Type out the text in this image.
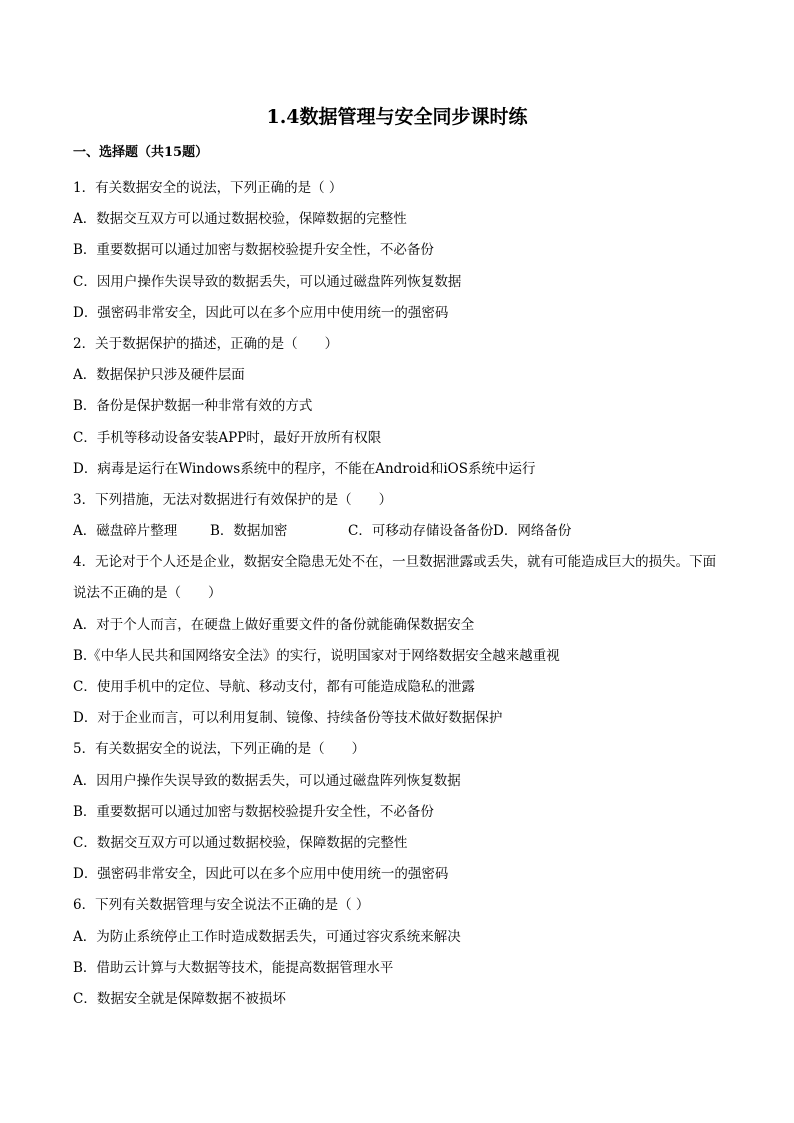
1.4数据管理与安全同步课时练
一、选择题（共15题）
1．有关数据安全的说法，下列正确的是（ ）
A．数据交互双方可以通过数据校验，保障数据的完整性
B．重要数据可以通过加密与数据校验提升安全性，不必备份
C．因用户操作失误导致的数据丢失，可以通过磁盘阵列恢复数据
D．强密码非常安全，因此可以在多个应用中使用统一的强密码
2．关于数据保护的描述，正确的是（　　）
A．数据保护只涉及硬件层面
B．备份是保护数据一种非常有效的方式
C．手机等移动设备安装APP时，最好开放所有权限
D．病毒是运行在Windows系统中的程序，不能在Android和iOS系统中运行
3．下列措施，无法对数据进行有效保护的是（　　）
A．磁盘碎片整理	B．数据加密	C．可移动存储设备备份 D．网络备份
4．无论对于个人还是企业，数据安全隐患无处不在，一旦数据泄露或丢失，就有可能造成巨大的损失。下面说法不正确的是（　　）
A．对于个人而言，在硬盘上做好重要文件的备份就能确保数据安全
B.《中华人民共和国网络安全法》的实行，说明国家对于网络数据安全越来越重视
C．使用手机中的定位、导航、移动支付，都有可能造成隐私的泄露
D．对于企业而言，可以利用复制、镜像、持续备份等技术做好数据保护
5．有关数据安全的说法，下列正确的是（　　）
A．因用户操作失误导致的数据丢失，可以通过磁盘阵列恢复数据
B．重要数据可以通过加密与数据校验提升安全性，不必备份
C．数据交互双方可以通过数据校验，保障数据的完整性
D．强密码非常安全，因此可以在多个应用中使用统一的强密码
6．下列有关数据管理与安全说法不正确的是（ ）
A．为防止系统停止工作时造成数据丢失，可通过容灾系统来解决
B．借助云计算与大数据等技术，能提高数据管理水平
C．数据安全就是保障数据不被损坏
